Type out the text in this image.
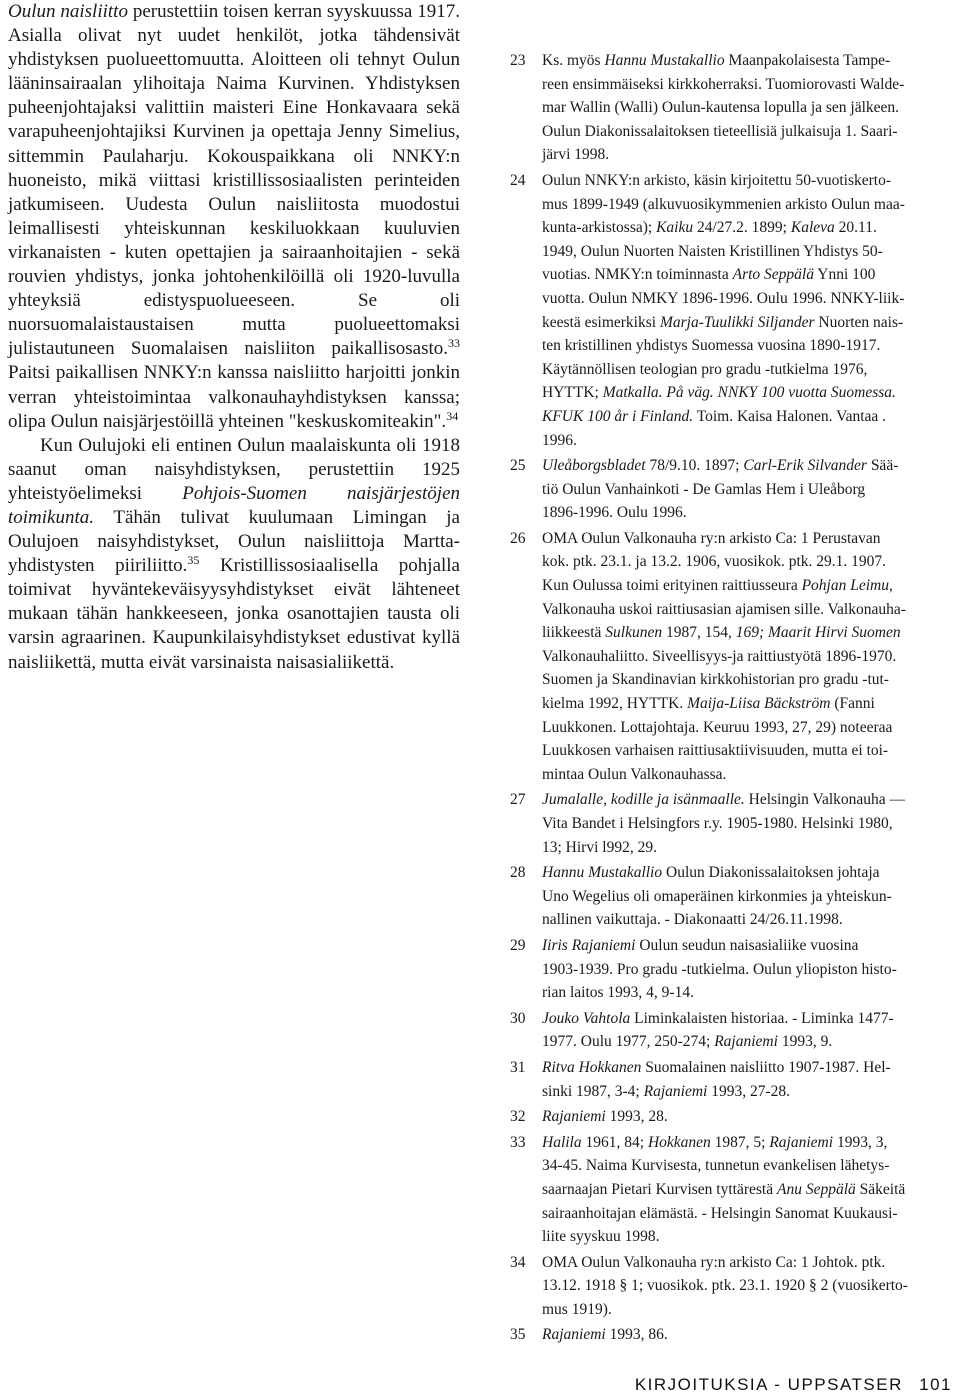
Oulun naisliitto perustettiin toisen kerran syyskuussa 1917. Asialla olivat nyt uudet henkilöt, jotka tähdensivät yhdistyksen puolueettomuutta. Aloitteen oli tehnyt Oulun lääninsairaalan ylihoitaja Naima Kurvinen. Yhdistyksen puheenjohtajaksi valittiin maisteri Eine Honkavaara sekä varapuheenjohtajiksi Kurvinen ja opettaja Jenny Simelius, sittemmin Paulaharju. Kokouspaikkana oli NNKY:n huoneisto, mikä viittasi kristillissosiaalisten perinteiden jatkumiseen. Uudesta Oulun naisliitosta muodostui leimallisesti yhteiskunnan keskiluokkaan kuuluvien virkanaisten - kuten opettajien ja sairaanhoitajien - sekä rouvien yhdistys, jonka johtohenkilöillä oli 1920-luvulla yhteyksiä edistyspuolueeseen. Se oli nuorsuomalaistaustaisen mutta puolueettomaksi julistautuneen Suomalaisen naisliiton paikallisosasto.$^{33}$ Paitsi paikallisen NNKY:n kanssa naisliitto harjoitti jonkin verran yhteistoimintaa valkonauhayhdistyksen kanssa; olipa Oulun naisjärjestöillä yhteinen "keskuskomiteakin".$^{34}$

Kun Oulujoki eli entinen Oulun maalaiskunta oli 1918 saanut oman naisyhdistyksen, perustettiin 1925 yhteistyöelimeksi Pohjois-Suomen naisjärjestöjen toimikunta. Tähän tulivat kuulumaan Limingan ja Oulujoen naisyhdistykset, Oulun naisliittoja Martta-yhdistysten piiriliitto.$^{35}$ Kristillissosiaalisella pohjalla toimivat hyväntekeväisyysyhdistykset eivät lähteneet mukaan tähän hankkeeseen, jonka osanottajien tausta oli varsin agraarinen. Kaupunkilaisyhdistykset edustivat kyllä naisliikettä, mutta eivät varsinaista naisasialiikettä.

23	Ks. myös Hannu Mustakallio Maanpakolaisesta Tampe-
reen ensimmäiseksi kirkkoherraksi. Tuomiorovasti Walde-
mar Wallin (Walli) Oulun-kautensa lopulla ja sen jälkeen.
Oulun Diakonissalaitoksen tieteellisiä julkaisuja 1. Saari-
järvi 1998.
24	Oulun NNKY:n arkisto, käsin kirjoitettu 50-vuotiskerto-
mus 1899-1949 (alkuvuosikymmenien arkisto Oulun maa-
kunta-arkistossa); Kaiku 24/27.2. 1899; Kaleva 20.11.
1949, Oulun Nuorten Naisten Kristillinen Yhdistys 50-
vuotias. NMKY:n toiminnasta Arto Seppälä Ynni 100
vuotta. Oulun NMKY 1896-1996. Oulu 1996. NNKY-liik-
keestä esimerkiksi Marja-Tuulikki Siljander Nuorten nais-
ten kristillinen yhdistys Suomessa vuosina 1890-1917.
Käytännöllisen teologian pro gradu -tutkielma 1976,
HYTTK; Matkalla. På väg. NNKY 100 vuotta Suomessa.
KFUK 100 år i Finland. Toim. Kaisa Halonen. Vantaa .
1996.
25	Uleåborgsbladet 78/9.10. 1897; Carl-Erik Silvander Sää-
tiö Oulun Vanhainkoti - De Gamlas Hem i Uleåborg
1896-1996. Oulu 1996.
26	OMA Oulun Valkonauha ry:n arkisto Ca: 1 Perustavan
kok. ptk. 23.1. ja 13.2. 1906, vuosikok. ptk. 29.1. 1907.
Kun Oulussa toimi erityinen raittiusseura Pohjan Leimu,
Valkonauha uskoi raittiusasian ajamisen sille. Valkonauha-
liikkeestä Sulkunen 1987, 154, 169; Maarit Hirvi Suomen
Valkonauhaliitto. Siveellisyys-ja raittiustyötä 1896-1970.
Suomen ja Skandinavian kirkkohistorian pro gradu -tut-
kielma 1992, HYTTK. Maija-Liisa Bäckström (Fanni
Luukkonen. Lottajohtaja. Keuruu 1993, 27, 29) noteeraa
Luukkosen varhaisen raittiusaktiivisuuden, mutta ei toi-
mintaa Oulun Valkonauhassa.
27	Jumalalle, kodille ja isänmaalle. Helsingin Valkonauha —
Vita Bandet i Helsingfors r.y. 1905-1980. Helsinki 1980,
13; Hirvi l992, 29.
28	Hannu Mustakallio Oulun Diakonissalaitoksen johtaja
Uno Wegelius oli omaperäinen kirkonmies ja yhteiskun-
nallinen vaikuttaja. - Diakonaatti 24/26.11.1998.
29	Iiris Rajaniemi Oulun seudun naisasialiike vuosina
1903-1939. Pro gradu -tutkielma. Oulun yliopiston histo-
rian laitos 1993, 4, 9-14.
30	Jouko Vahtola Liminkalaisten historiaa. - Liminka 1477-
1977. Oulu 1977, 250-274; Rajaniemi 1993, 9.
31	Ritva Hokkanen Suomalainen naisliitto 1907-1987. Hel-
sinki 1987, 3-4; Rajaniemi 1993, 27-28.
32	Rajaniemi 1993, 28.
33	Halila 1961, 84; Hokkanen 1987, 5; Rajaniemi 1993, 3,
34-45. Naima Kurvisesta, tunnetun evankelisen lähetys-
saarnaajan Pietari Kurvisen tyttärestä Anu Seppälä Säkeitä
sairaanhoitajan elämästä. - Helsingin Sanomat Kuukausi-
liite syyskuu 1998.
34	OMA Oulun Valkonauha ry:n arkisto Ca: 1 Johtok. ptk.
13.12. 1918 § 1; vuosikok. ptk. 23.1. 1920 § 2 (vuosikerto-
mus 1919).
35	Rajaniemi 1993, 86.
KIRJOITUKSIA - UPPSATSER 101
